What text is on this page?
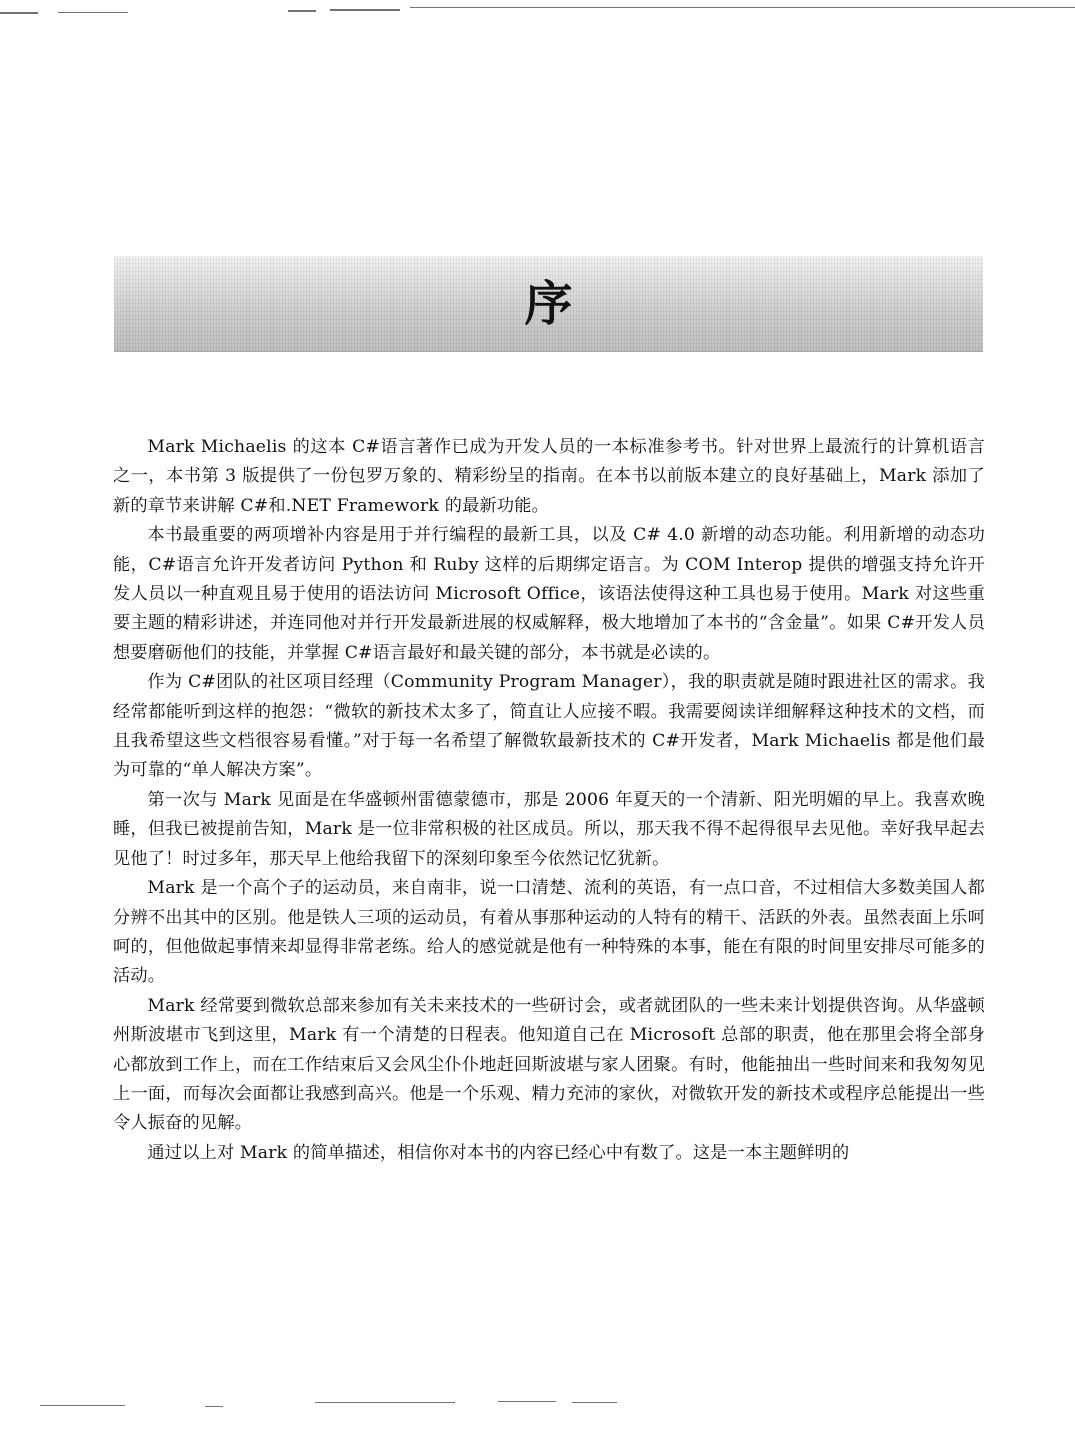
序

Mark Michaelis 的这本 C#语言著作已成为开发人员的一本标准参考书。针对世界上最流行的计算机语言之一，本书第 3 版提供了一份包罗万象的、精彩纷呈的指南。在本书以前版本建立的良好基础上，Mark 添加了新的章节来讲解 C#和.NET Framework 的最新功能。

本书最重要的两项增补内容是用于并行编程的最新工具，以及 C# 4.0 新增的动态功能。利用新增的动态功能，C#语言允许开发者访问 Python 和 Ruby 这样的后期绑定语言。为 COM Interop 提供的增强支持允许开发人员以一种直观且易于使用的语法访问 Microsoft Office，该语法使得这种工具也易于使用。Mark 对这些重要主题的精彩讲述，并连同他对并行开发最新进展的权威解释，极大地增加了本书的“含金量”。如果 C#开发人员想要磨砺他们的技能，并掌握 C#语言最好和最关键的部分，本书就是必读的。

作为 C#团队的社区项目经理（Community Program Manager），我的职责就是随时跟进社区的需求。我经常都能听到这样的抱怨：“微软的新技术太多了，简直让人应接不暇。我需要阅读详细解释这种技术的文档，而且我希望这些文档很容易看懂。”对于每一名希望了解微软最新技术的 C#开发者，Mark Michaelis 都是他们最为可靠的“单人解决方案”。

第一次与 Mark 见面是在华盛顿州雷德蒙德市，那是 2006 年夏天的一个清新、阳光明媚的早上。我喜欢晚睡，但我已被提前告知，Mark 是一位非常积极的社区成员。所以，那天我不得不起得很早去见他。幸好我早起去见他了！时过多年，那天早上他给我留下的深刻印象至今依然记忆犹新。

Mark 是一个高个子的运动员，来自南非，说一口清楚、流利的英语，有一点口音，不过相信大多数美国人都分辨不出其中的区别。他是铁人三项的运动员，有着从事那种运动的人特有的精干、活跃的外表。虽然表面上乐呵呵的，但他做起事情来却显得非常老练。给人的感觉就是他有一种特殊的本事，能在有限的时间里安排尽可能多的活动。

Mark 经常要到微软总部来参加有关未来技术的一些研讨会，或者就团队的一些未来计划提供咨询。从华盛顿州斯波堪市飞到这里，Mark 有一个清楚的日程表。他知道自己在 Microsoft 总部的职责，他在那里会将全部身心都放到工作上，而在工作结束后又会风尘仆仆地赶回斯波堪与家人团聚。有时，他能抽出一些时间来和我匆匆见上一面，而每次会面都让我感到高兴。他是一个乐观、精力充沛的家伙，对微软开发的新技术或程序总能提出一些令人振奋的见解。

通过以上对 Mark 的简单描述，相信你对本书的内容已经心中有数了。这是一本主题鲜明的
